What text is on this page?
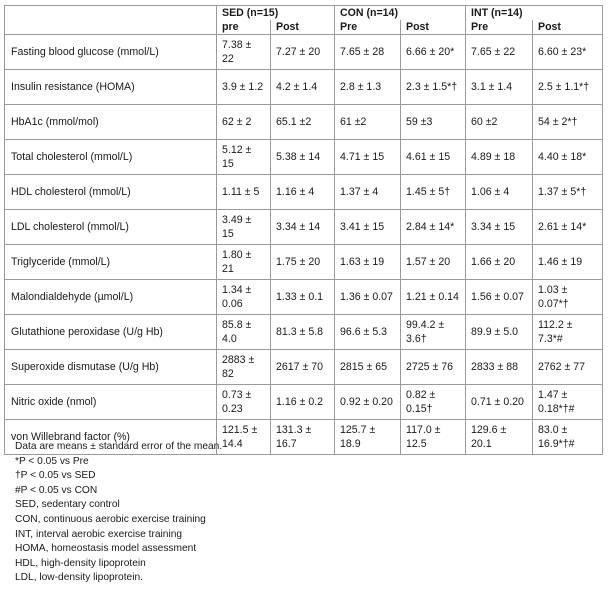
	SED (n=15)		CON (n=14)		INT (n=14)	
	pre	Post	Pre	Post	Pre	Post
Fasting blood glucose (mmol/L)	7.38 ± 22	7.27 ± 20	7.65 ± 28	6.66 ± 20*	7.65 ± 22	6.60 ± 23*
Insulin resistance (HOMA)	3.9 ± 1.2	4.2 ± 1.4	2.8 ± 1.3	2.3 ± 1.5*†	3.1 ± 1.4	2.5 ± 1.1*†
HbA1c (mmol/mol)	62 ± 2	65.1 ±2	61 ±2	59 ±3	60 ±2	54 ± 2*†
Total cholesterol (mmol/L)	5.12 ± 15	5.38 ± 14	4.71 ± 15	4.61 ± 15	4.89 ± 18	4.40 ± 18*
HDL cholesterol (mmol/L)	1.11 ± 5	1.16 ± 4	1.37 ± 4	1.45 ± 5†	1.06 ± 4	1.37 ± 5*†
LDL cholesterol (mmol/L)	3.49 ± 15	3.34 ± 14	3.41 ± 15	2.84 ± 14*	3.34 ± 15	2.61 ± 14*
Triglyceride (mmol/L)	1.80 ± 21	1.75 ± 20	1.63 ± 19	1.57 ± 20	1.66 ± 20	1.46 ± 19
Malondialdehyde (µmol/L)	1.34 ± 0.06	1.33 ± 0.1	1.36 ± 0.07	1.21 ± 0.14	1.56 ± 0.07	1.03 ± 0.07*†
Glutathione peroxidase (U/g Hb)	85.8 ± 4.0	81.3 ± 5.8	96.6 ± 5.3	99.4.2 ± 3.6†	89.9 ± 5.0	112.2 ± 7.3*#
Superoxide dismutase (U/g Hb)	2883 ± 82	2617 ± 70	2815 ± 65	2725 ± 76	2833 ± 88	2762 ± 77
Nitric oxide (nmol)	0.73 ± 0.23	1.16 ± 0.2	0.92 ± 0.20	0.82 ± 0.15†	0.71 ± 0.20	1.47 ± 0.18*†#
von Willebrand factor (%)	121.5 ± 14.4	131.3 ± 16.7	125.7 ± 18.9	117.0 ± 12.5	129.6 ± 20.1	83.0 ± 16.9*†#
Data are means ± standard error of the mean.
*P < 0.05 vs Pre
†P < 0.05 vs SED
#P < 0.05 vs CON
SED, sedentary control
CON, continuous aerobic exercise training
INT, interval aerobic exercise training
HOMA, homeostasis model assessment
HDL, high-density lipoprotein
LDL, low-density lipoprotein.
